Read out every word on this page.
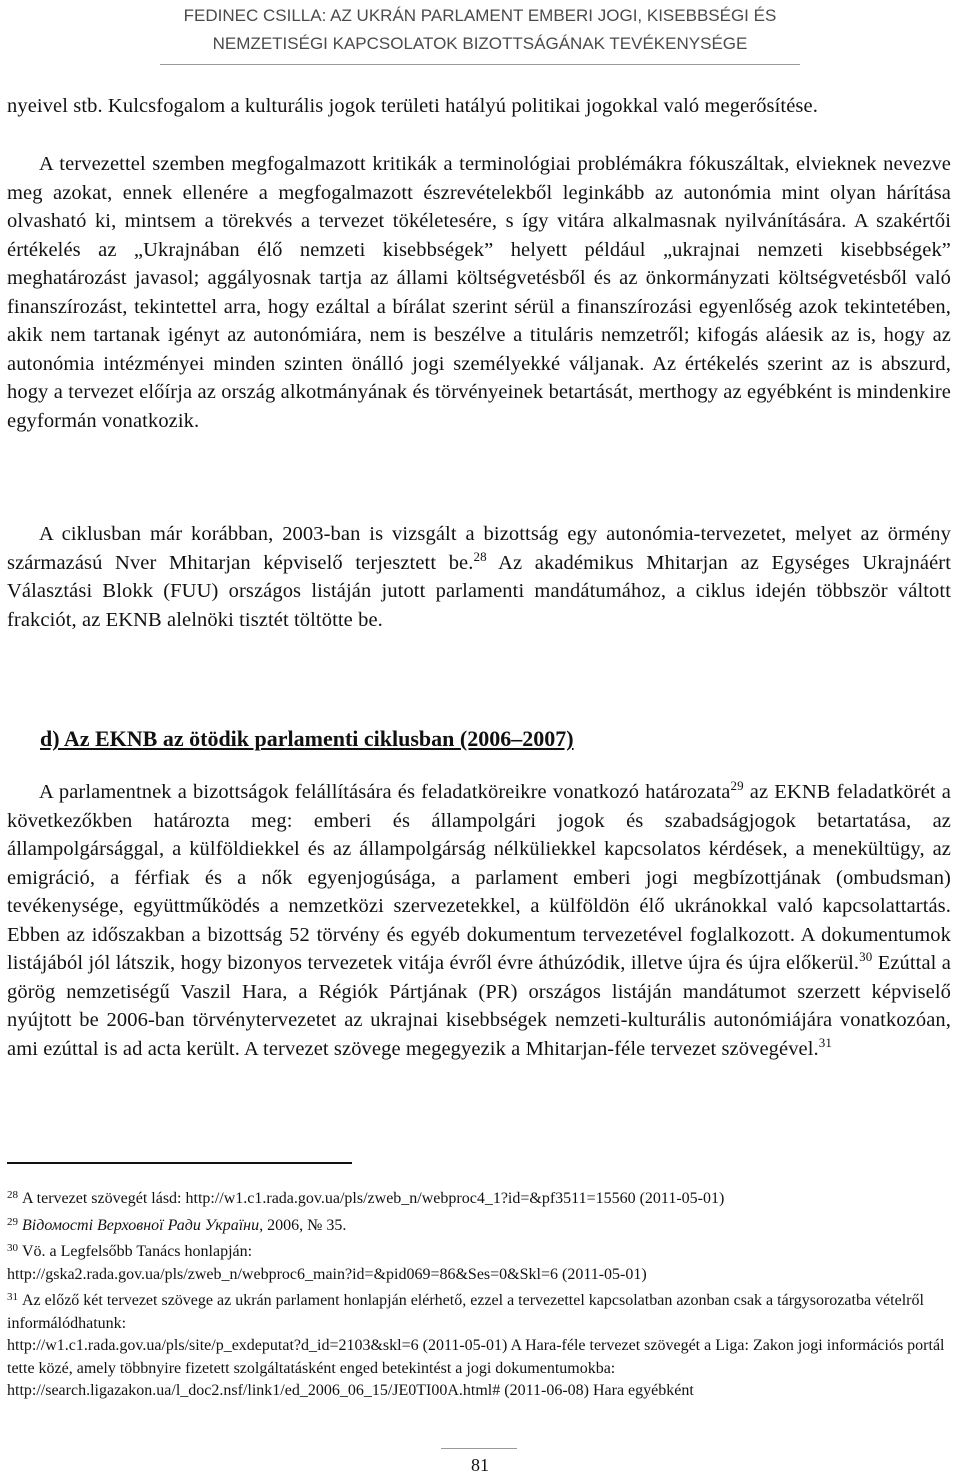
FEDINEC CSILLA: AZ UKRÁN PARLAMENT EMBERI JOGI, KISEBBSÉGI ÉS
NEMZETISÉGI KAPCSOLATOK BIZOTTSÁGÁNAK TEVÉKENYSÉGE

nyeivel stb. Kulcsfogalom a kulturális jogok területi hatályú politikai jogokkal való megerősítése.

A tervezettel szemben megfogalmazott kritikák a terminológiai problémákra fókuszáltak, elvieknek nevezve meg azokat, ennek ellenére a megfogalmazott észrevételekből leginkább az autonómia mint olyan hárítása olvasható ki, mintsem a törekvés a tervezet tökéletesére, s így vitára alkalmasnak nyilvánítására. A szakértői értékelés az „Ukrajnában élő nemzeti kisebbségek” helyett például „ukrajnai nemzeti kisebbségek” meghatározást javasol; aggályosnak tartja az állami költségvetésből és az önkormányzati költségvetésből való finanszírozást, tekintettel arra, hogy ezáltal a bírálat szerint sérül a finanszírozási egyenlőség azok tekintetében, akik nem tartanak igényt az autonómiára, nem is beszélve a tituláris nemzetről; kifogás aláesik az is, hogy az autonómia intézményei minden szinten önálló jogi személyekké váljanak. Az értékelés szerint az is abszurd, hogy a tervezet előírja az ország alkotmányának és törvényeinek betartását, merthogy az egyébként is mindenkire egyformán vonatkozik.

A ciklusban már korábban, 2003-ban is vizsgált a bizottság egy autonómia-tervezetet, melyet az örmény származású Nver Mhitarjan képviselő terjesztett be.$^{28}$ Az akadémikus Mhitarjan az Egységes Ukrajnáért Választási Blokk (FUU) országos listáján jutott parlamenti mandátumához, a ciklus idején többször váltott frakciót, az EKNB alelnöki tisztét töltötte be.

d) Az EKNB az ötödik parlamenti ciklusban (2006–2007)

A parlamentnek a bizottságok felállítására és feladatköreikre vonatkozó határozata$^{29}$ az EKNB feladatkörét a következőkben határozta meg: emberi és állampolgári jogok és szabadságjogok betartatása, az állampolgársággal, a külföldiekkel és az állampolgárság nélküliekkel kapcsolatos kérdések, a menekültügy, az emigráció, a férfiak és a nők egyenjogúsága, a parlament emberi jogi megbízottjának (ombudsman) tevékenysége, együttműködés a nemzetközi szervezetekkel, a külföldön élő ukránokkal való kapcsolattartás. Ebben az időszakban a bizottság 52 törvény és egyéb dokumentum tervezetével foglalkozott. A dokumentumok listájából jól látszik, hogy bizonyos tervezetek vitája évről évre áthúzódik, illetve újra és újra előkerül.$^{30}$ Ezúttal a görög nemzetiségű Vaszil Hara, a Régiók Pártjának (PR) országos listáján mandátumot szerzett képviselő nyújtott be 2006-ban törvénytervezetet az ukrajnai kisebbségek nemzeti-kulturális autonómiájára vonatkozóan, ami ezúttal is ad acta került. A tervezet szövege megegyezik a Mhitarjan-féle tervezet szövegével.$^{31}$

$^{28}$ A tervezet szövegét lásd: http://w1.c1.rada.gov.ua/pls/zweb_n/webproc4_1?id=&pf3511=15560 (2011-05-01)

$^{29}$ Відомості Верховної Ради України, 2006, № 35.

$^{30}$ Vö. a Legfelsőbb Tanács honlapján:

http://gska2.rada.gov.ua/pls/zweb_n/webproc6_main?id=&pid069=86&Ses=0&Skl=6 (2011-05-01)

$^{31}$ Az előző két tervezet szövege az ukrán parlament honlapján elérhető, ezzel a tervezettel kapcsolatban azonban csak a tárgysorozatba vételről informálódhatunk:

http://w1.c1.rada.gov.ua/pls/site/p_exdeputat?d_id=2103&skl=6 (2011-05-01) A Hara-féle tervezet szövegét a Liga: Zakon jogi információs portál tette közé, amely többnyire fizetett szolgáltatásként enged betekintést a jogi dokumentumokba:

http://search.ligazakon.ua/l_doc2.nsf/link1/ed_2006_06_15/JE0TI00A.html# (2011-06-08) Hara egyébként

81
